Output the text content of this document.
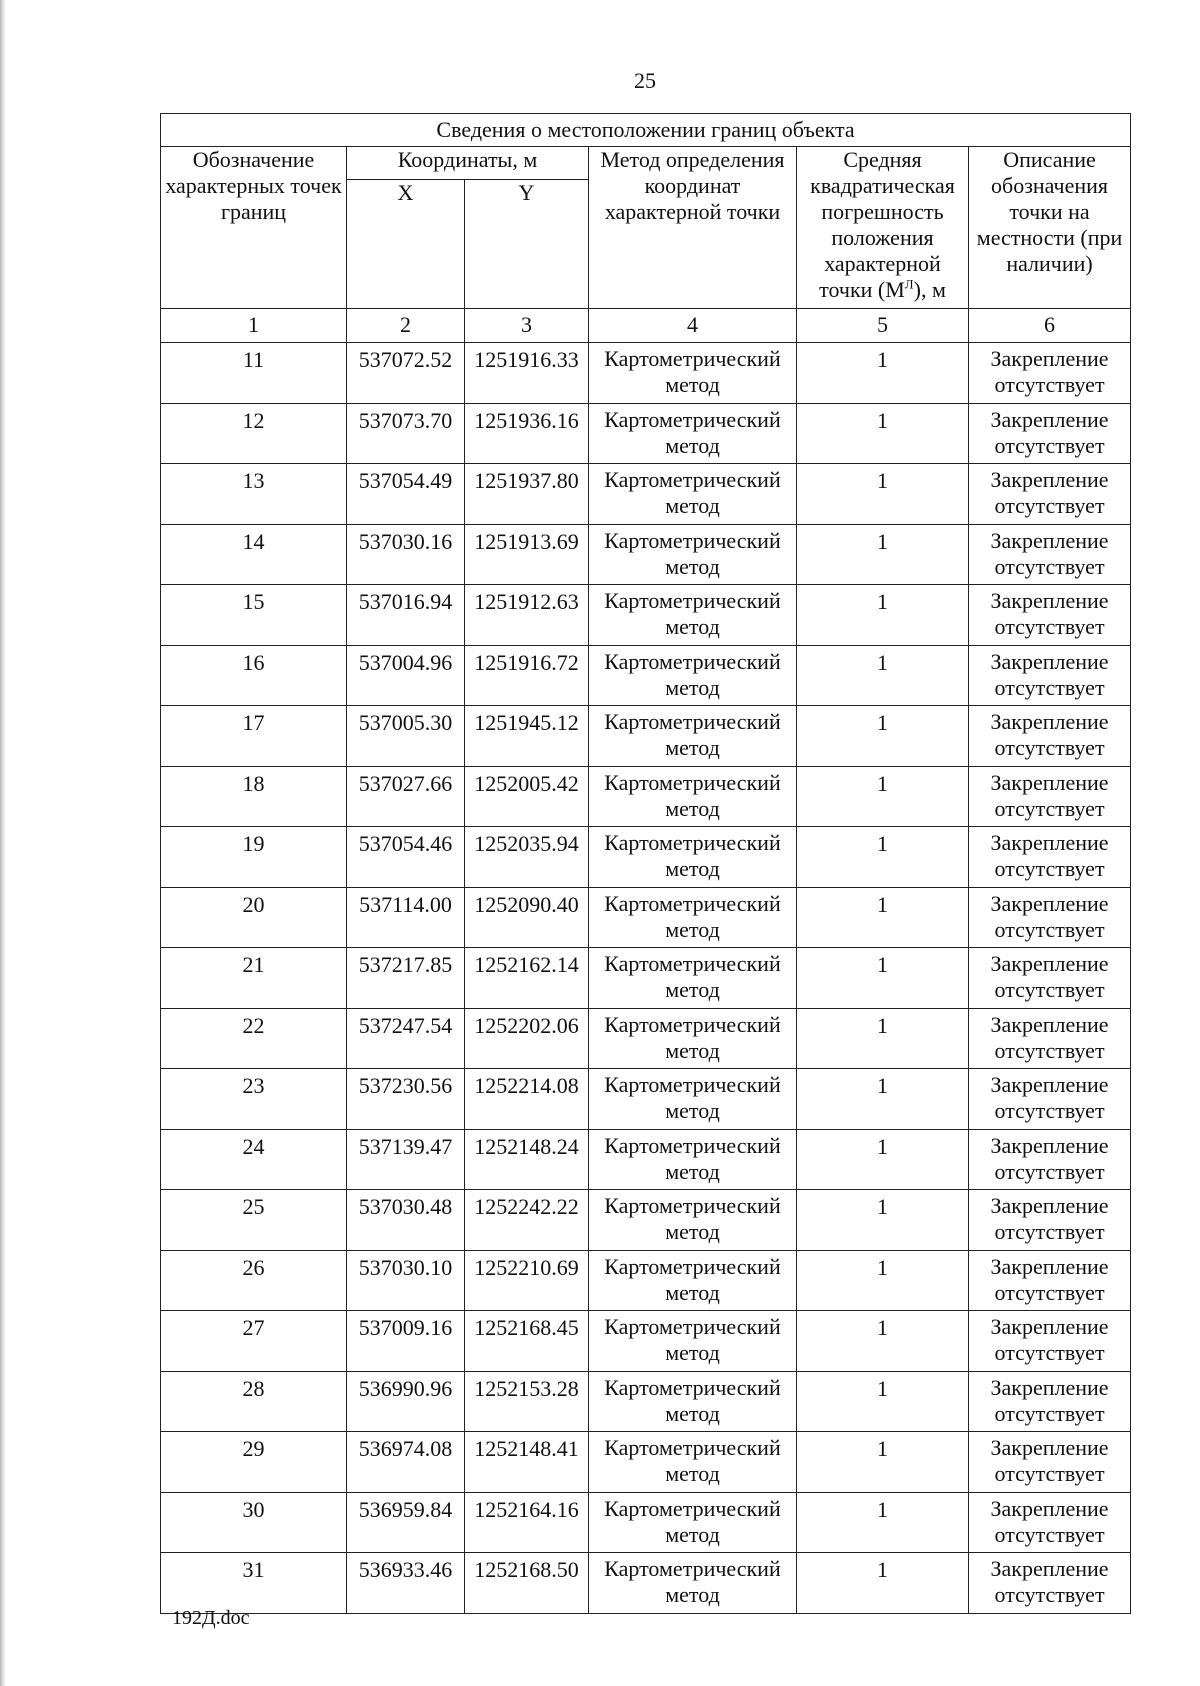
25
Сведения о местоположении границ объекта					
Обозначение характерных точек границ	Координаты, м		Метод определения координат характерной точки	Средняя квадратическая погрешность положения характерной точки $(M^Л)$, м	Описание обозначения точки на местности (при наличии)
	X	Y			
1	2	3	4	5	6
11	537072.52	1251916.33	Картометрический метод	1	Закрепление отсутствует
12	537073.70	1251936.16	Картометрический метод	1	Закрепление отсутствует
13	537054.49	1251937.80	Картометрический метод	1	Закрепление отсутствует
14	537030.16	1251913.69	Картометрический метод	1	Закрепление отсутствует
15	537016.94	1251912.63	Картометрический метод	1	Закрепление отсутствует
16	537004.96	1251916.72	Картометрический метод	1	Закрепление отсутствует
17	537005.30	1251945.12	Картометрический метод	1	Закрепление отсутствует
18	537027.66	1252005.42	Картометрический метод	1	Закрепление отсутствует
19	537054.46	1252035.94	Картометрический метод	1	Закрепление отсутствует
20	537114.00	1252090.40	Картометрический метод	1	Закрепление отсутствует
21	537217.85	1252162.14	Картометрический метод	1	Закрепление отсутствует
22	537247.54	1252202.06	Картометрический метод	1	Закрепление отсутствует
23	537230.56	1252214.08	Картометрический метод	1	Закрепление отсутствует
24	537139.47	1252148.24	Картометрический метод	1	Закрепление отсутствует
25	537030.48	1252242.22	Картометрический метод	1	Закрепление отсутствует
26	537030.10	1252210.69	Картометрический метод	1	Закрепление отсутствует
27	537009.16	1252168.45	Картометрический метод	1	Закрепление отсутствует
28	536990.96	1252153.28	Картометрический метод	1	Закрепление отсутствует
29	536974.08	1252148.41	Картометрический метод	1	Закрепление отсутствует
30	536959.84	1252164.16	Картометрический метод	1	Закрепление отсутствует
31	536933.46	1252168.50	Картометрический метод	1	Закрепление отсутствует
192Д.doc
